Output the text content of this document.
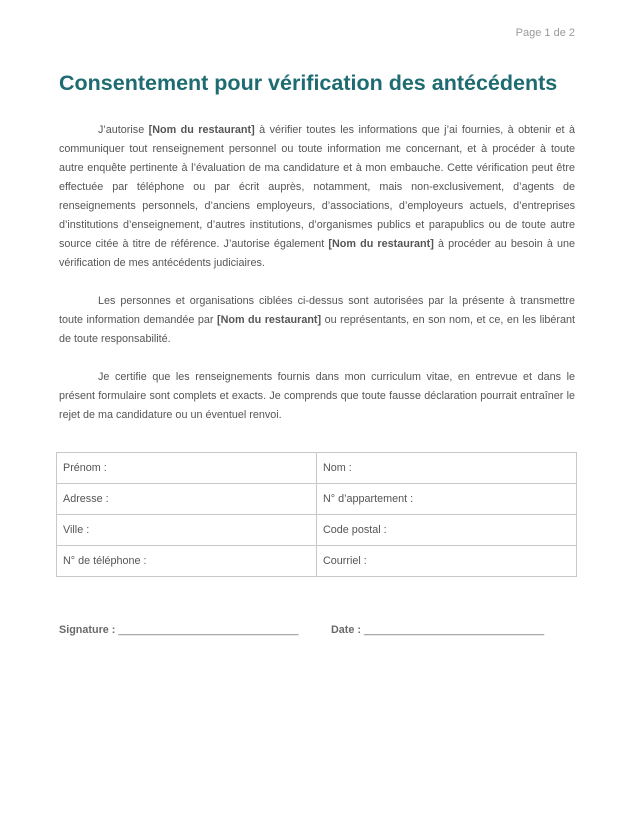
Page 1 de 2
Consentement pour vérification des antécédents

J’autorise [Nom du restaurant] à vérifier toutes les informations que j’ai fournies, à obtenir et à communiquer tout renseignement personnel ou toute information me concernant, et à procéder à toute autre enquête pertinente à l’évaluation de ma candidature et à mon embauche. Cette vérification peut être effectuée par téléphone ou par écrit auprès, notamment, mais non-exclusivement, d’agents de renseignements personnels, d’anciens employeurs, d’associations, d’employeurs actuels, d’entreprises d’institutions d’enseignement, d’autres institutions, d’organismes publics et parapublics ou de toute autre source citée à titre de référence. J’autorise également [Nom du restaurant] à procéder au besoin à une vérification de mes antécédents judiciaires.

Les personnes et organisations ciblées ci-dessus sont autorisées par la présente à transmettre toute information demandée par [Nom du restaurant] ou représentants, en son nom, et ce, en les libérant de toute responsabilité.

Je certifie que les renseignements fournis dans mon curriculum vitae, en entrevue et dans le présent formulaire sont complets et exacts. Je comprends que toute fausse déclaration pourrait entraîner le rejet de ma candidature ou un éventuel renvoi.

Prénom :	Nom :
Adresse :	N° d’appartement :
Ville :	Code postal :
N° de téléphone :	Courriel :
Signature : ______________________________	Date : ______________________________
